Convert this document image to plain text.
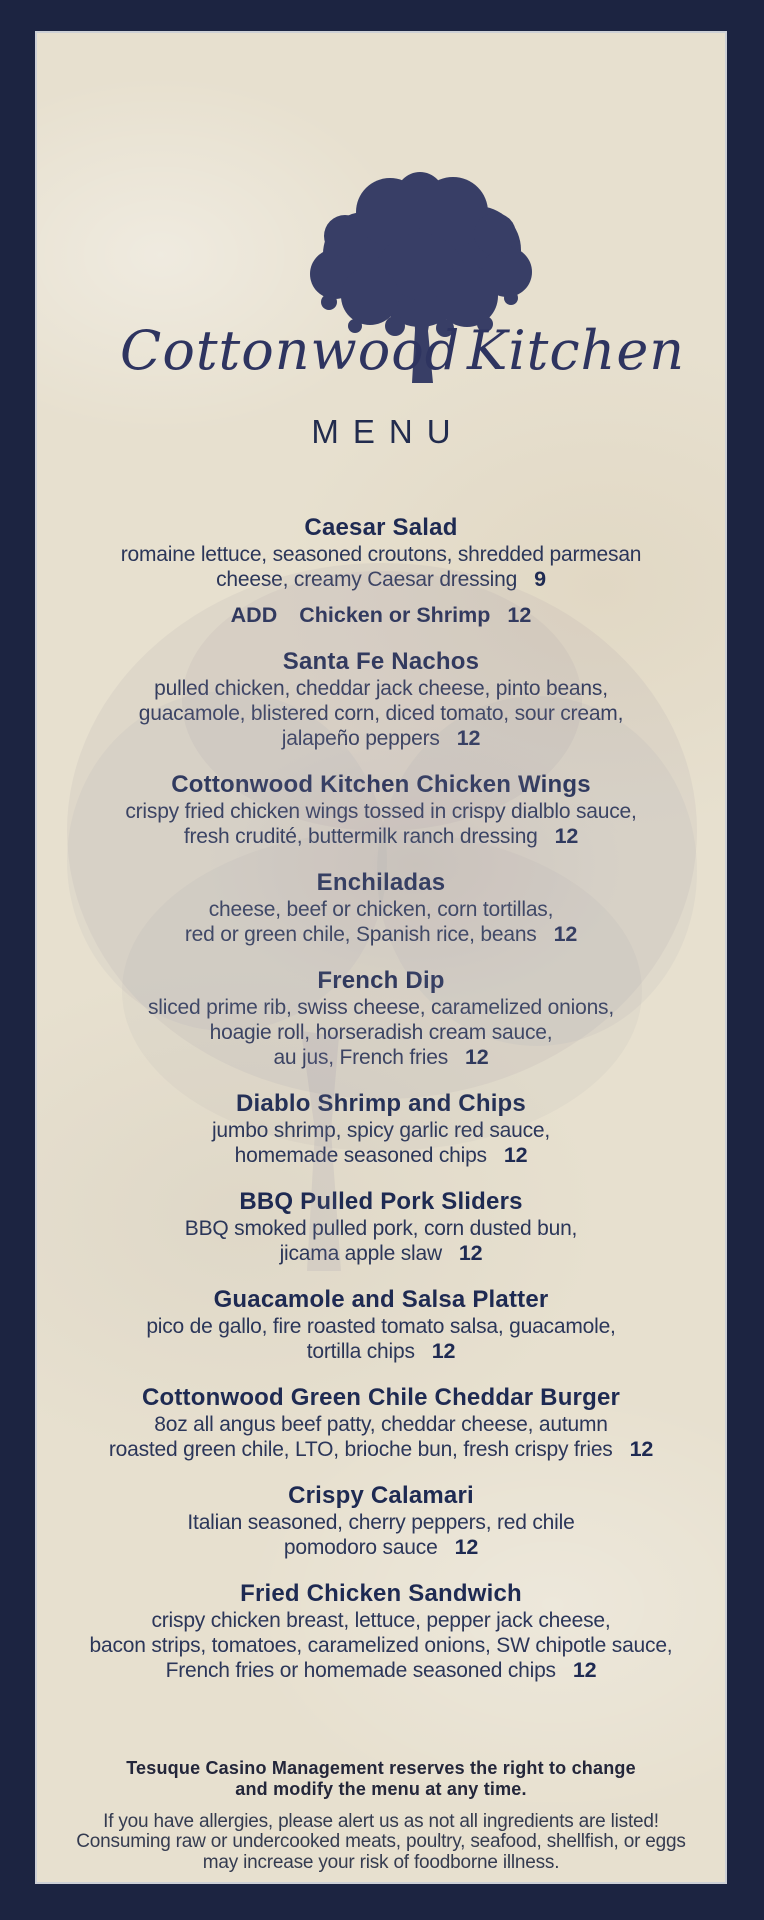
Cottonwood Kitchen
MENU
Caesar Salad
romaine lettuce, seasoned croutons, shredded parmesan
cheese, creamy Caesar dressing 9
ADD Chicken or Shrimp 12
Santa Fe Nachos
pulled chicken, cheddar jack cheese, pinto beans,
guacamole, blistered corn, diced tomato, sour cream,
jalapeño peppers 12
Cottonwood Kitchen Chicken Wings
crispy fried chicken wings tossed in crispy dialblo sauce,
fresh crudité, buttermilk ranch dressing 12
Enchiladas
cheese, beef or chicken, corn tortillas,
red or green chile, Spanish rice, beans 12
French Dip
sliced prime rib, swiss cheese, caramelized onions,
hoagie roll, horseradish cream sauce,
au jus, French fries 12
Diablo Shrimp and Chips
jumbo shrimp, spicy garlic red sauce,
homemade seasoned chips 12
BBQ Pulled Pork Sliders
BBQ smoked pulled pork, corn dusted bun,
jicama apple slaw 12
Guacamole and Salsa Platter
pico de gallo, fire roasted tomato salsa, guacamole,
tortilla chips 12
Cottonwood Green Chile Cheddar Burger
8oz all angus beef patty, cheddar cheese, autumn
roasted green chile, LTO, brioche bun, fresh crispy fries 12
Crispy Calamari
Italian seasoned, cherry peppers, red chile
pomodoro sauce 12
Fried Chicken Sandwich
crispy chicken breast, lettuce, pepper jack cheese,
bacon strips, tomatoes, caramelized onions, SW chipotle sauce,
French fries or homemade seasoned chips 12
Tesuque Casino Management reserves the right to change
and modify the menu at any time.
If you have allergies, please alert us as not all ingredients are listed!
Consuming raw or undercooked meats, poultry, seafood, shellfish, or eggs
may increase your risk of foodborne illness.
